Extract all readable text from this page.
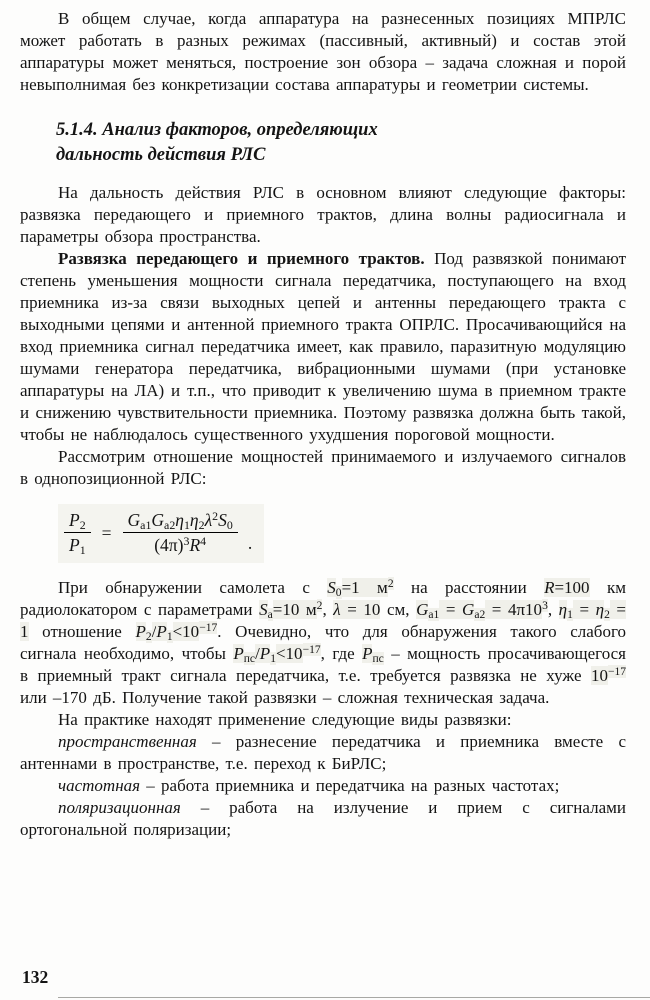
В общем случае, когда аппаратура на разнесенных позициях МПРЛС может работать в разных режимах (пассивный, активный) и состав этой аппаратуры может меняться, построение зон обзора – задача сложная и порой невыполнимая без конкретизации состава аппаратуры и геометрии системы.

5.1.4. Анализ факторов, определяющих
дальность действия РЛС

На дальность действия РЛС в основном влияют следующие факторы: развязка передающего и приемного трактов, длина волны радиосигнала и параметры обзора пространства.

Развязка передающего и приемного трактов. Под развязкой понимают степень уменьшения мощности сигнала передатчика, поступающего на вход приемника из-за связи выходных цепей и антенны передающего тракта с выходными цепями и антенной приемного тракта ОПРЛС. Просачивающийся на вход приемника сигнал передатчика имеет, как правило, паразитную модуляцию шумами генератора передатчика, вибрационными шумами (при установке аппаратуры на ЛА) и т.п., что приводит к увеличению шума в приемном тракте и снижению чувствительности приемника. Поэтому развязка должна быть такой, чтобы не наблюдалось существенного ухудшения пороговой мощности.

Рассмотрим отношение мощностей принимаемого и излучаемого сигналов в однопозиционной РЛС:

$\frac{P2}{P1} = \frac{Gа1Gа2\eta 1\eta 2\lambda^2S0}{(4\pi)^3R^4}$ .

При обнаружении самолета с S0=1 $м^2$ на расстоянии R=100 км радиолокатором с параметрами Sа=10 $м^2$, λ = 10 см, $Gа1 = Gа2 = 4\pi 10^3$, η1 = η2 = 1 отношение $P2/P1<10^{-17}$. Очевидно, что для обнаружения такого слабого сигнала необходимо, чтобы Pпс/$P1<10^{-17}$, где Pпс – мощность просачивающегося в приемный тракт сигнала передатчика, т.е. требуется развязка не хуже $10^{-17}$ или –170 дБ. Получение такой развязки – сложная техническая задача.

На практике находят применение следующие виды развязки:

пространственная – разнесение передатчика и приемника вместе с антеннами в пространстве, т.е. переход к БиРЛС;

частотная – работа приемника и передатчика на разных частотах;

поляризационная – работа на излучение и прием с сигналами ортогональной поляризации;

132
